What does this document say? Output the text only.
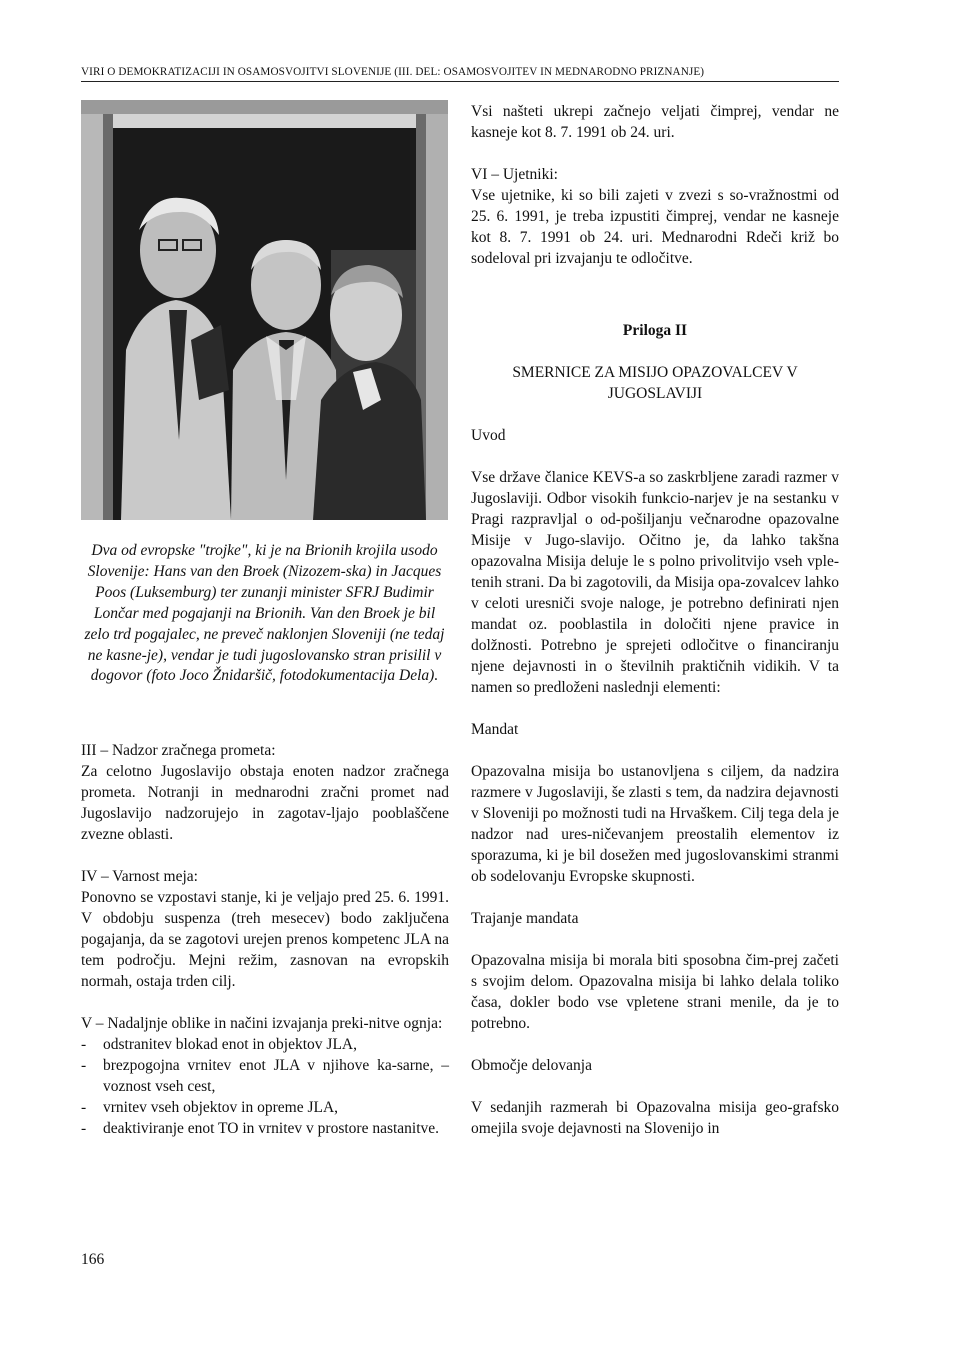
VIRI O DEMOKRATIZACIJI IN OSAMOSVOJITVI SLOVENIJE (III. DEL: OSAMOSVOJITEV IN MEDNARODNO PRIZNANJE)
Dva od evropske "trojke", ki je na Brionih krojila usodo Slovenije: Hans van den Broek (Nizozem-ska) in Jacques Poos (Luksemburg) ter zunanji minister SFRJ Budimir Lončar med pogajanji na Brionih. Van den Broek je bil zelo trd pogajalec, ne preveč naklonjen Sloveniji (ne tedaj ne kasne-je), vendar je tudi jugoslovansko stran prisilil v dogovor (foto Joco Žnidaršič, fotodokumentacija Dela).

III – Nadzor zračnega prometa:

Za celotno Jugoslavijo obstaja enoten nadzor zračnega prometa. Notranji in mednarodni zračni promet nad Jugoslavijo nadzorujejo in zagotav-ljajo pooblaščene zvezne oblasti.

IV – Varnost meja:

Ponovno se vzpostavi stanje, ki je veljajo pred 25. 6. 1991. V obdobju suspenza (treh mesecev) bodo zaključena pogajanja, da se zagotovi urejen prenos kompetenc JLA na tem področju. Mejni režim, zasnovan na evropskih normah, ostaja trden cilj.

V – Nadaljnje oblike in načini izvajanja preki-nitve ognja:

-	odstranitev blokad enot in objektov JLA,
-	brezpogojna vrnitev enot JLA v njihove ka-sarne, – voznost vseh cest,
-	vrnitev vseh objektov in opreme JLA,
-	deaktiviranje enot TO in vrnitev v prostore nastanitve.

Vsi našteti ukrepi začnejo veljati čimprej, vendar ne kasneje kot 8. 7. 1991 ob 24. uri.

VI – Ujetniki:

Vse ujetnike, ki so bili zajeti v zvezi s so-vražnostmi od 25. 6. 1991, je treba izpustiti čimprej, vendar ne kasneje kot 8. 7. 1991 ob 24. uri. Mednarodni Rdeči križ bo sodeloval pri izvajanju te odločitve.

Priloga II

SMERNICE ZA MISIJO OPAZOVALCEV V

JUGOSLAVIJI

Uvod

Vse države članice KEVS-a so zaskrbljene zaradi razmer v Jugoslaviji. Odbor visokih funkcio-narjev je na sestanku v Pragi razpravljal o od-pošiljanju večnarodne opazovalne Misije v Jugo-slavijo. Očitno je, da lahko takšna opazovalna Misija deluje le s polno privolitvijo vseh vple-tenih strani. Da bi zagotovili, da Misija opa-zovalcev lahko v celoti uresniči svoje naloge, je potrebno definirati njen mandat oz. pooblastila in določiti njene pravice in dolžnosti. Potrebno je sprejeti odločitve o financiranju njene dejavnosti in o številnih praktičnih vidikih. V ta namen so predloženi naslednji elementi:

Mandat

Opazovalna misija bo ustanovljena s ciljem, da nadzira razmere v Jugoslaviji, še zlasti s tem, da nadzira dejavnosti v Sloveniji po možnosti tudi na Hrvaškem. Cilj tega dela je nadzor nad ures-ničevanjem preostalih elementov iz sporazuma, ki je bil dosežen med jugoslovanskimi stranmi ob sodelovanju Evropske skupnosti.

Trajanje mandata

Opazovalna misija bi morala biti sposobna čim-prej začeti s svojim delom. Opazovalna misija bi lahko delala toliko časa, dokler bodo vse vpletene strani menile, da je to potrebno.

Območje delovanja

V sedanjih razmerah bi Opazovalna misija geo-grafsko omejila svoje dejavnosti na Slovenijo in

166
